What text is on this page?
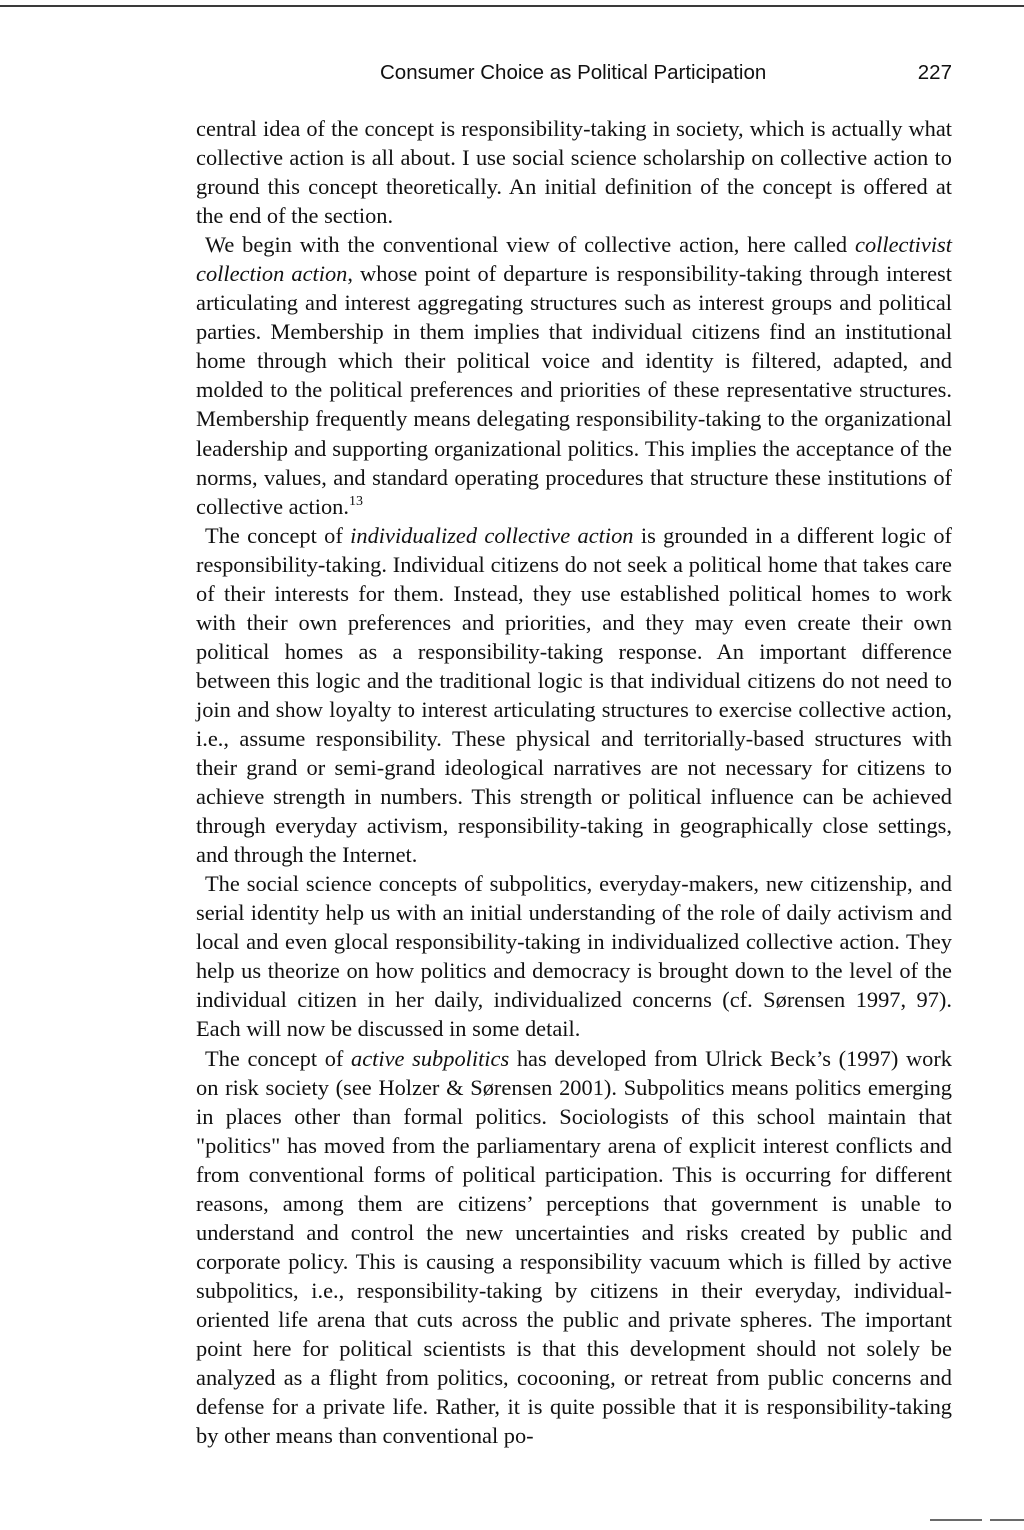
Consumer Choice as Political Participation	227

central idea of the concept is responsibility-taking in society, which is actually what collective action is all about. I use social science scholarship on collective action to ground this concept theoretically. An initial definition of the concept is offered at the end of the section.

We begin with the conventional view of collective action, here called collectivist collection action, whose point of departure is responsibility-taking through interest articulating and interest aggregating structures such as interest groups and political parties. Membership in them implies that individual citizens find an institutional home through which their political voice and identity is filtered, adapted, and molded to the political preferences and priorities of these representative structures. Membership frequently means delegating responsibility-taking to the organizational leadership and supporting organizational politics. This implies the acceptance of the norms, values, and standard operating procedures that structure these institutions of collective action.$^{13}$

The concept of individualized collective action is grounded in a different logic of responsibility-taking. Individual citizens do not seek a political home that takes care of their interests for them. Instead, they use established political homes to work with their own preferences and priorities, and they may even create their own political homes as a responsibility-taking response. An important difference between this logic and the traditional logic is that individual citizens do not need to join and show loyalty to interest articulating structures to exercise collective action, i.e., assume responsibility. These physical and territorially-based structures with their grand or semi-grand ideological narratives are not necessary for citizens to achieve strength in numbers. This strength or political influence can be achieved through everyday activism, responsibility-taking in geographically close settings, and through the Internet.

The social science concepts of subpolitics, everyday-makers, new citizenship, and serial identity help us with an initial understanding of the role of daily activism and local and even glocal responsibility-taking in individualized collective action. They help us theorize on how politics and democracy is brought down to the level of the individual citizen in her daily, individualized concerns (cf. Sørensen 1997, 97). Each will now be discussed in some detail.

The concept of active subpolitics has developed from Ulrick Beck’s (1997) work on risk society (see Holzer & Sørensen 2001). Subpolitics means politics emerging in places other than formal politics. Sociologists of this school maintain that "politics" has moved from the parliamentary arena of explicit interest conflicts and from conventional forms of political participation. This is occurring for different reasons, among them are citizens’ perceptions that government is unable to understand and control the new uncertainties and risks created by public and corporate policy. This is causing a responsibility vacuum which is filled by active subpolitics, i.e., responsibility-taking by citizens in their everyday, individual-oriented life arena that cuts across the public and private spheres. The important point here for political scientists is that this development should not solely be analyzed as a flight from politics, cocooning, or retreat from public concerns and defense for a private life. Rather, it is quite possible that it is responsibility-taking by other means than conventional po-
